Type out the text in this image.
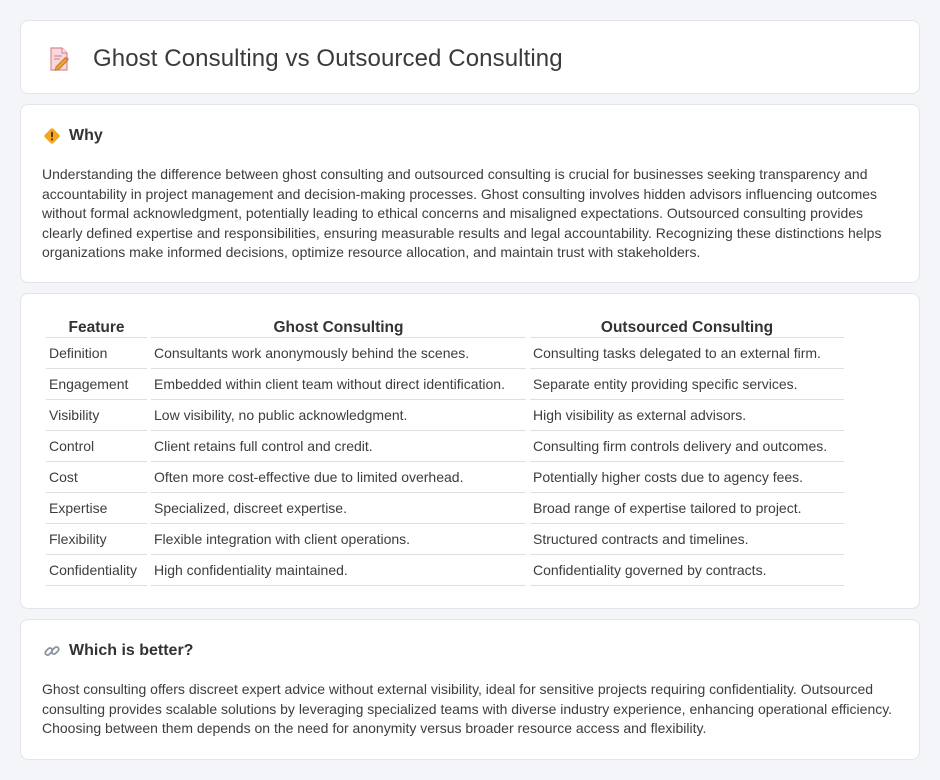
Ghost Consulting vs Outsourced Consulting
Why

Understanding the difference between ghost consulting and outsourced consulting is crucial for businesses seeking transparency and accountability in project management and decision-making processes. Ghost consulting involves hidden advisors influencing outcomes without formal acknowledgment, potentially leading to ethical concerns and misaligned expectations. Outsourced consulting provides clearly defined expertise and responsibilities, ensuring measurable results and legal accountability. Recognizing these distinctions helps organizations make informed decisions, optimize resource allocation, and maintain trust with stakeholders.

Feature	Ghost Consulting	Outsourced Consulting
Definition	Consultants work anonymously behind the scenes.	Consulting tasks delegated to an external firm.
Engagement	Embedded within client team without direct identification.	Separate entity providing specific services.
Visibility	Low visibility, no public acknowledgment.	High visibility as external advisors.
Control	Client retains full control and credit.	Consulting firm controls delivery and outcomes.
Cost	Often more cost-effective due to limited overhead.	Potentially higher costs due to agency fees.
Expertise	Specialized, discreet expertise.	Broad range of expertise tailored to project.
Flexibility	Flexible integration with client operations.	Structured contracts and timelines.
Confidentiality	High confidentiality maintained.	Confidentiality governed by contracts.
Which is better?

Ghost consulting offers discreet expert advice without external visibility, ideal for sensitive projects requiring confidentiality. Outsourced consulting provides scalable solutions by leveraging specialized teams with diverse industry experience, enhancing operational efficiency. Choosing between them depends on the need for anonymity versus broader resource access and flexibility.
